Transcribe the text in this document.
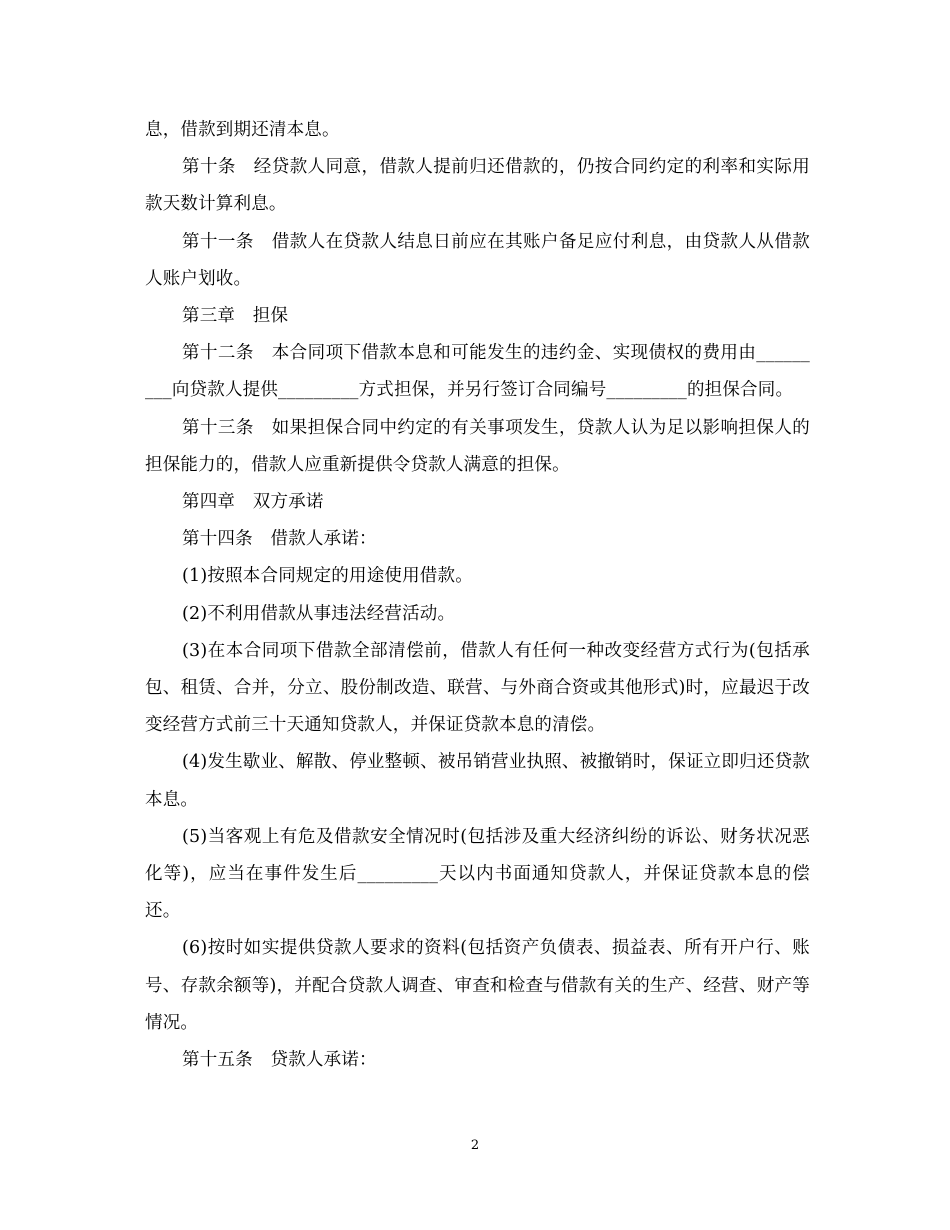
息，借款到期还清本息。

第十条　经贷款人同意，借款人提前归还借款的，仍按合同约定的利率和实际用款天数计算利息。

第十一条　借款人在贷款人结息日前应在其账户备足应付利息，由贷款人从借款人账户划收。

第三章　担保

第十二条　本合同项下借款本息和可能发生的违约金、实现债权的费用由_________向贷款人提供_________方式担保，并另行签订合同编号_________的担保合同。

第十三条　如果担保合同中约定的有关事项发生，贷款人认为足以影响担保人的担保能力的，借款人应重新提供令贷款人满意的担保。

第四章　双方承诺

第十四条　借款人承诺：

(1)按照本合同规定的用途使用借款。

(2)不利用借款从事违法经营活动。

(3)在本合同项下借款全部清偿前，借款人有任何一种改变经营方式行为(包括承包、租赁、合并，分立、股份制改造、联营、与外商合资或其他形式)时，应最迟于改变经营方式前三十天通知贷款人，并保证贷款本息的清偿。

(4)发生歇业、解散、停业整顿、被吊销营业执照、被撤销时，保证立即归还贷款本息。

(5)当客观上有危及借款安全情况时(包括涉及重大经济纠纷的诉讼、财务状况恶化等)，应当在事件发生后_________天以内书面通知贷款人，并保证贷款本息的偿还。

(6)按时如实提供贷款人要求的资料(包括资产负债表、损益表、所有开户行、账号、存款余额等)，并配合贷款人调查、审查和检查与借款有关的生产、经营、财产等情况。

第十五条　贷款人承诺：

2
